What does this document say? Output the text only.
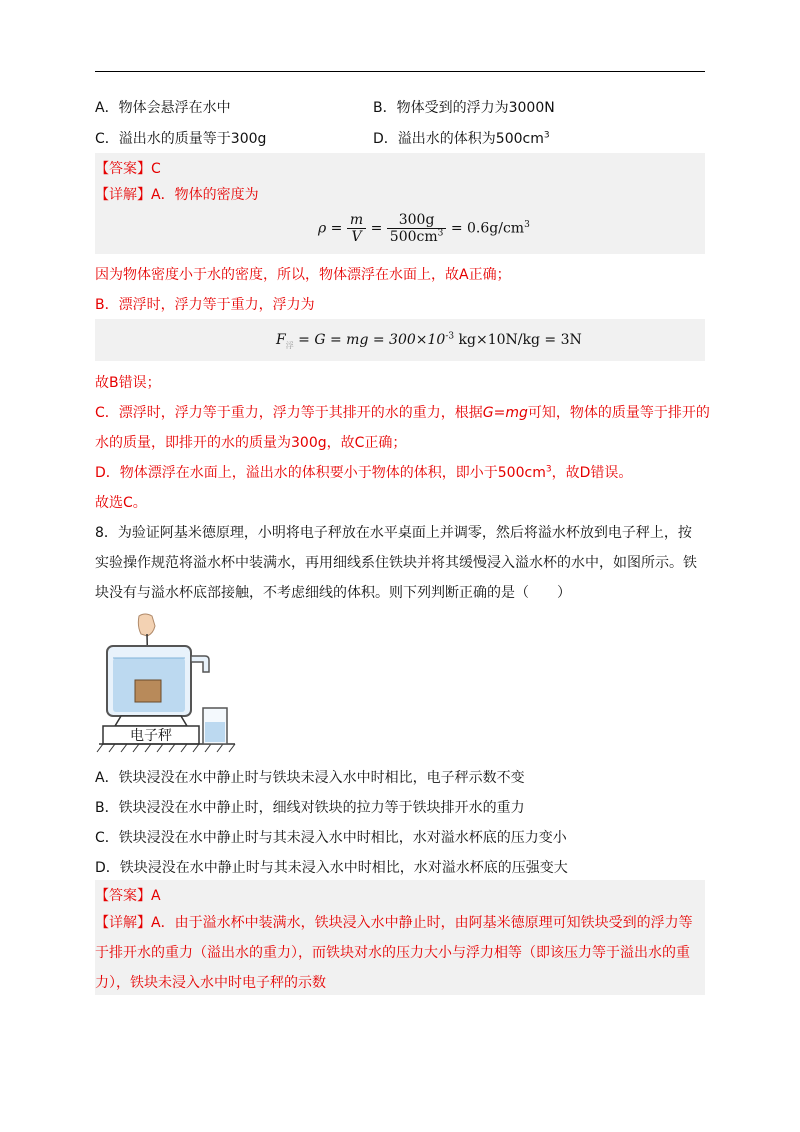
A．物体会悬浮在水中	B．物体受到的浮力为3000N
C．溢出水的质量等于300g	D．溢出水的体积为$500cm^3$
【答案】C
【详解】A．物体的密度为
$\rho = \frac{m}{V} = \frac{300g}{500cm^3} = 0.6g/cm^3$
因为物体密度小于水的密度，所以，物体漂浮在水面上，故A正确；
B．漂浮时，浮力等于重力，浮力为
$F_浮 = G$ = mg = $300\times 10^{-3}$ kg×10N/kg = 3N
故B错误；
C．漂浮时，浮力等于重力，浮力等于其排开的水的重力，根据G=mg可知，物体的质量等于排开的
水的质量，即排开的水的质量为300g，故C正确；
D．物体漂浮在水面上，溢出水的体积要小于物体的体积，即小于$500cm^3$，故D错误。
故选C。
8．为验证阿基米德原理，小明将电子秤放在水平桌面上并调零，然后将溢水杯放到电子秤上，按
实验操作规范将溢水杯中装满水，再用细线系住铁块并将其缓慢浸入溢水杯的水中，如图所示。铁
块没有与溢水杯底部接触，不考虑细线的体积。则下列判断正确的是（　　）
电子秤
A．铁块浸没在水中静止时与铁块未浸入水中时相比，电子秤示数不变
B．铁块浸没在水中静止时，细线对铁块的拉力等于铁块排开水的重力
C．铁块浸没在水中静止时与其未浸入水中时相比，水对溢水杯底的压力变小
D．铁块浸没在水中静止时与其未浸入水中时相比，水对溢水杯底的压强变大
【答案】A
【详解】A．由于溢水杯中装满水，铁块浸入水中静止时，由阿基米德原理可知铁块受到的浮力等
于排开水的重力（溢出水的重力），而铁块对水的压力大小与浮力相等（即该压力等于溢出水的重
力），铁块未浸入水中时电子秤的示数
